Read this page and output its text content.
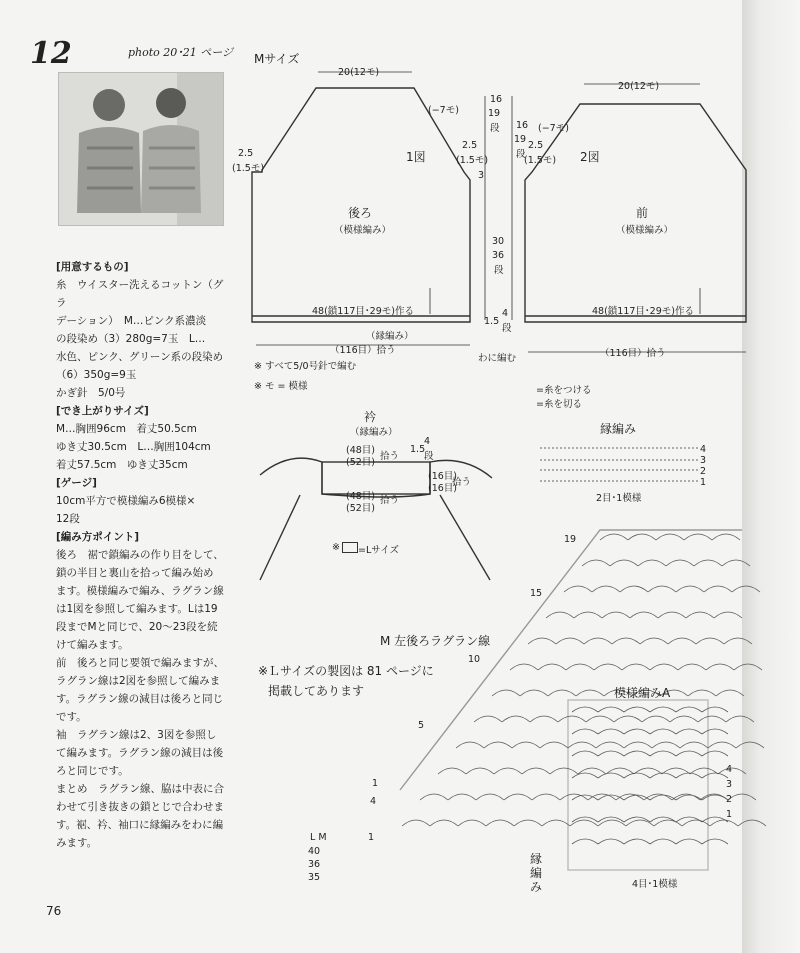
12	photo 20･21 ページ

[用意するもの]

糸　ウイスター洗えるコットン（グラ

デーション）　M…ピンク系濃淡

の段染め（3）280g=7玉　L…

水色、ピンク、グリーン系の段染め

（6）350g=9玉

かぎ針　5/0号

[でき上がりサイズ]

M…胸囲96cm　着丈50.5cm

ゆき丈30.5cm　L…胸囲104cm

着丈57.5cm　ゆき丈35cm

[ゲージ]

10cm平方で模様編み6模様×

12段

[編み方ポイント]

後ろ　裾で鎖編みの作り目をして、

鎖の半目と裏山を拾って編み始め

ます。模様編みで編み、ラグラン線

は1図を参照して編みます。Lは19

段までMと同じで、20～23段を続

けて編みます。

前　後ろと同じ要領で編みますが、

ラグラン線は2図を参照して編みま

す。ラグラン線の減目は後ろと同じ

です。

袖　ラグラン線は2、3図を参照し

て編みます。ラグラン線の減目は後

ろと同じです。

まとめ　ラグラン線、脇は中表に合

わせて引き抜きの鎖とじで合わせま

す。裾、衿、袖口に縁編みをわに編

みます。

76
Mサイズ
20(12モ)
(−7モ)
2.5
(1.5モ)
2.5
(1.5モ)
1図
後ろ
（模様編み）
48(鎖117目･29モ)作る
（縁編み）
（116目）拾う
20(12モ)
(−7モ)
2.5
(1.5モ) 2図
前
（模様編み）
48(鎖117目･29モ)作る
（116目）拾う
16
19
段 16
19
段
3
30
36
段
1.5
4
段
わに編む
※ すべて5/0号針で編む
※ モ = 模様	=糸をつける
=糸を切る
衿
（縁編み）
(48目)
(52目)
拾う
1.5
4
段
(16目)
(16目)
拾う
(48目)
(52目)
拾う
※	=Lサイズ
縁編み
2目･1模様
4
3
2
1
M 左後ろラグラン線
※Ｌサイズの製図は 81 ページに
掲載してあります
19
15
10
5
1
4
1
40
36
35
L M
模様編みA
4目･1模様
4
3
2
1
縁編み
